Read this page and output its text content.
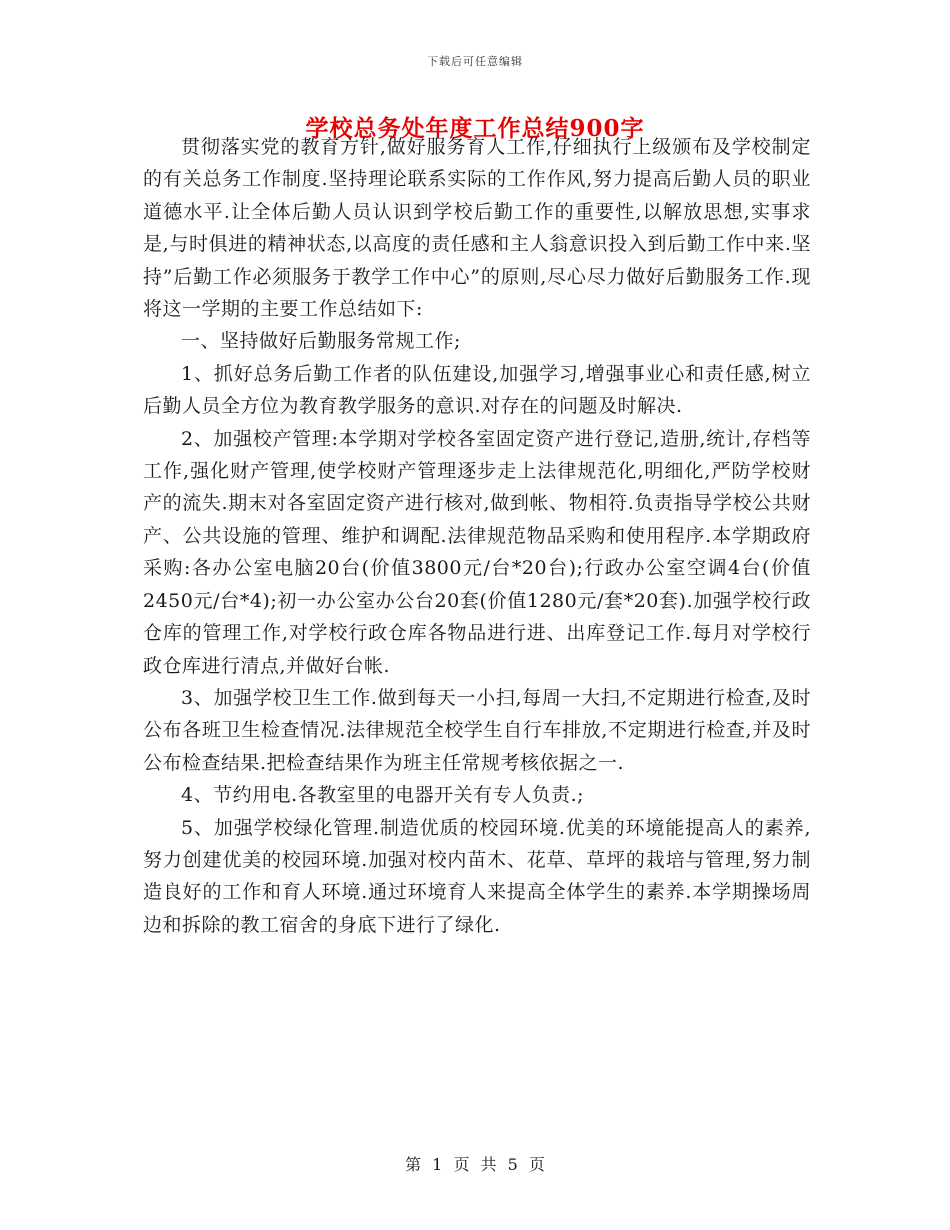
下载后可任意编辑
学校总务处年度工作总结900字

贯彻落实党的教育方针,做好服务育人工作,仔细执行上级颁布及学校制定的有关总务工作制度.坚持理论联系实际的工作作风,努力提高后勤人员的职业道德水平.让全体后勤人员认识到学校后勤工作的重要性,以解放思想,实事求是,与时俱进的精神状态,以高度的责任感和主人翁意识投入到后勤工作中来.坚持”后勤工作必须服务于教学工作中心”的原则,尽心尽力做好后勤服务工作.现将这一学期的主要工作总结如下:

一、坚持做好后勤服务常规工作;

1、抓好总务后勤工作者的队伍建设,加强学习,增强事业心和责任感,树立后勤人员全方位为教育教学服务的意识.对存在的问题及时解决.

2、加强校产管理:本学期对学校各室固定资产进行登记,造册,统计,存档等工作,强化财产管理,使学校财产管理逐步走上法律规范化,明细化,严防学校财产的流失.期末对各室固定资产进行核对,做到帐、物相符.负责指导学校公共财产、公共设施的管理、维护和调配.法律规范物品采购和使用程序.本学期政府采购:各办公室电脑20台(价值3800元/台*20台);行政办公室空调4台(价值2450元/台*4);初一办公室办公台20套(价值1280元/套*20套).加强学校行政仓库的管理工作,对学校行政仓库各物品进行进、出库登记工作.每月对学校行政仓库进行清点,并做好台帐.

3、加强学校卫生工作.做到每天一小扫,每周一大扫,不定期进行检查,及时公布各班卫生检查情况.法律规范全校学生自行车排放,不定期进行检查,并及时公布检查结果.把检查结果作为班主任常规考核依据之一.

4、节约用电.各教室里的电器开关有专人负责.;

5、加强学校绿化管理.制造优质的校园环境.优美的环境能提高人的素养,努力创建优美的校园环境.加强对校内苗木、花草、草坪的栽培与管理,努力制造良好的工作和育人环境.通过环境育人来提高全体学生的素养.本学期操场周边和拆除的教工宿舍的身底下进行了绿化.

第 1 页 共 5 页
